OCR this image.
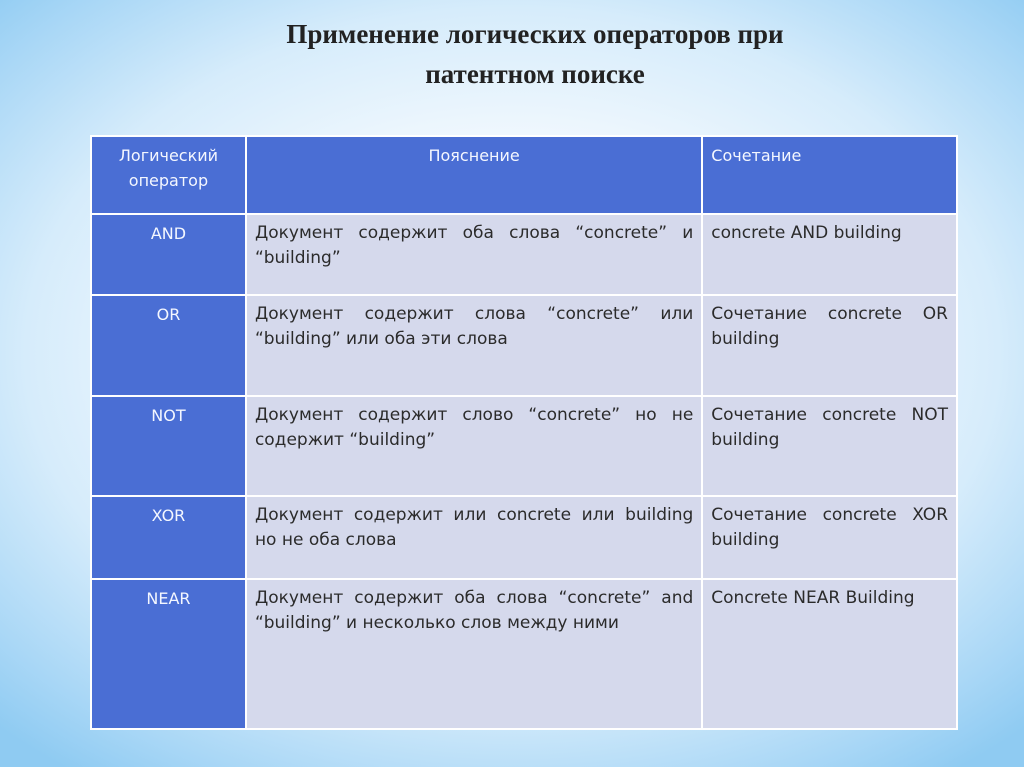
Применение логических операторов при
патентном поиске
Логический оператор	Пояснение	Сочетание
AND	Документ содержит оба слова “concrete” и “building”	concrete AND building
OR	Документ содержит слова “concrete” или “building” или оба эти слова	Сочетание concrete OR building
NOT	Документ содержит слово “concrete” но не содержит “building”	Сочетание concrete NOT building
XOR	Документ содержит или concrete или building но не оба слова	Сочетание concrete XOR building
NEAR	Документ содержит оба слова “concrete” and “building” и несколько слов между ними	Concrete NEAR Building
